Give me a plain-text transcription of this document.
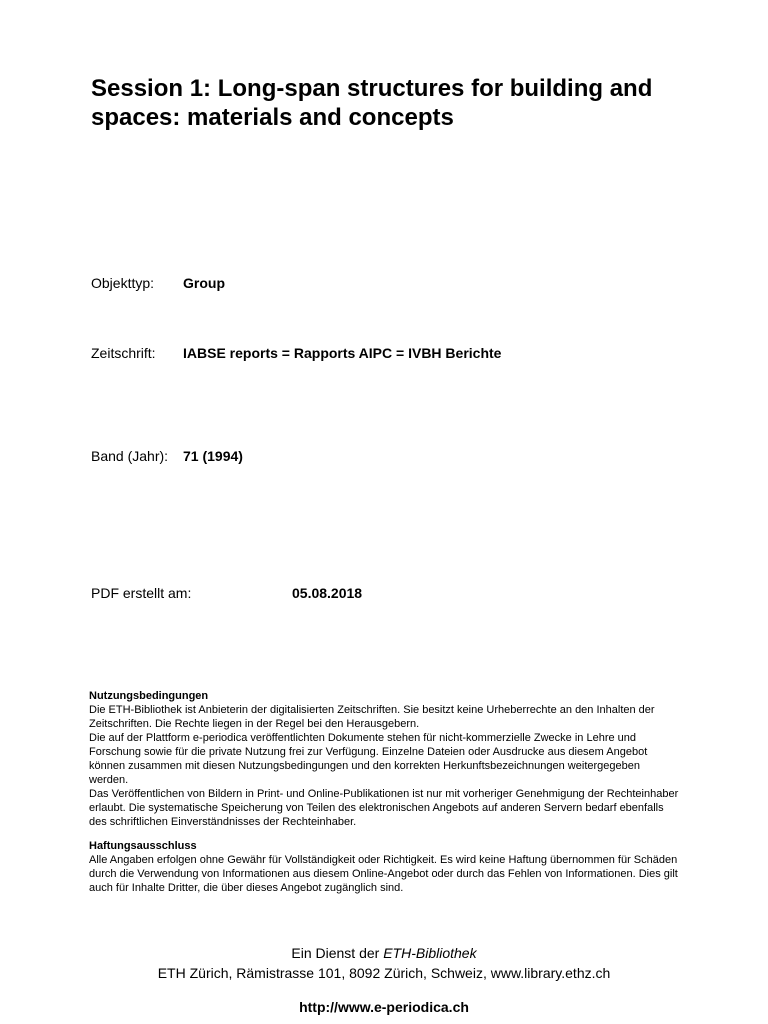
Session 1: Long-span structures for building and spaces: materials and concepts
Objekttyp: Group
Zeitschrift: IABSE reports = Rapports AIPC = IVBH Berichte
Band (Jahr): 71 (1994)
PDF erstellt am:	05.08.2018

Nutzungsbedingungen

Die ETH-Bibliothek ist Anbieterin der digitalisierten Zeitschriften. Sie besitzt keine Urheberrechte an den Inhalten der Zeitschriften. Die Rechte liegen in der Regel bei den Herausgebern.

Die auf der Plattform e-periodica veröffentlichten Dokumente stehen für nicht-kommerzielle Zwecke in Lehre und Forschung sowie für die private Nutzung frei zur Verfügung. Einzelne Dateien oder Ausdrucke aus diesem Angebot können zusammen mit diesen Nutzungsbedingungen und den korrekten Herkunftsbezeichnungen weitergegeben werden.

Das Veröffentlichen von Bildern in Print- und Online-Publikationen ist nur mit vorheriger Genehmigung der Rechteinhaber erlaubt. Die systematische Speicherung von Teilen des elektronischen Angebots auf anderen Servern bedarf ebenfalls des schriftlichen Einverständnisses der Rechteinhaber.

Haftungsausschluss

Alle Angaben erfolgen ohne Gewähr für Vollständigkeit oder Richtigkeit. Es wird keine Haftung übernommen für Schäden durch die Verwendung von Informationen aus diesem Online-Angebot oder durch das Fehlen von Informationen. Dies gilt auch für Inhalte Dritter, die über dieses Angebot zugänglich sind.

Ein Dienst der ETH-Bibliothek
ETH Zürich, Rämistrasse 101, 8092 Zürich, Schweiz, www.library.ethz.ch
http://www.e-periodica.ch
